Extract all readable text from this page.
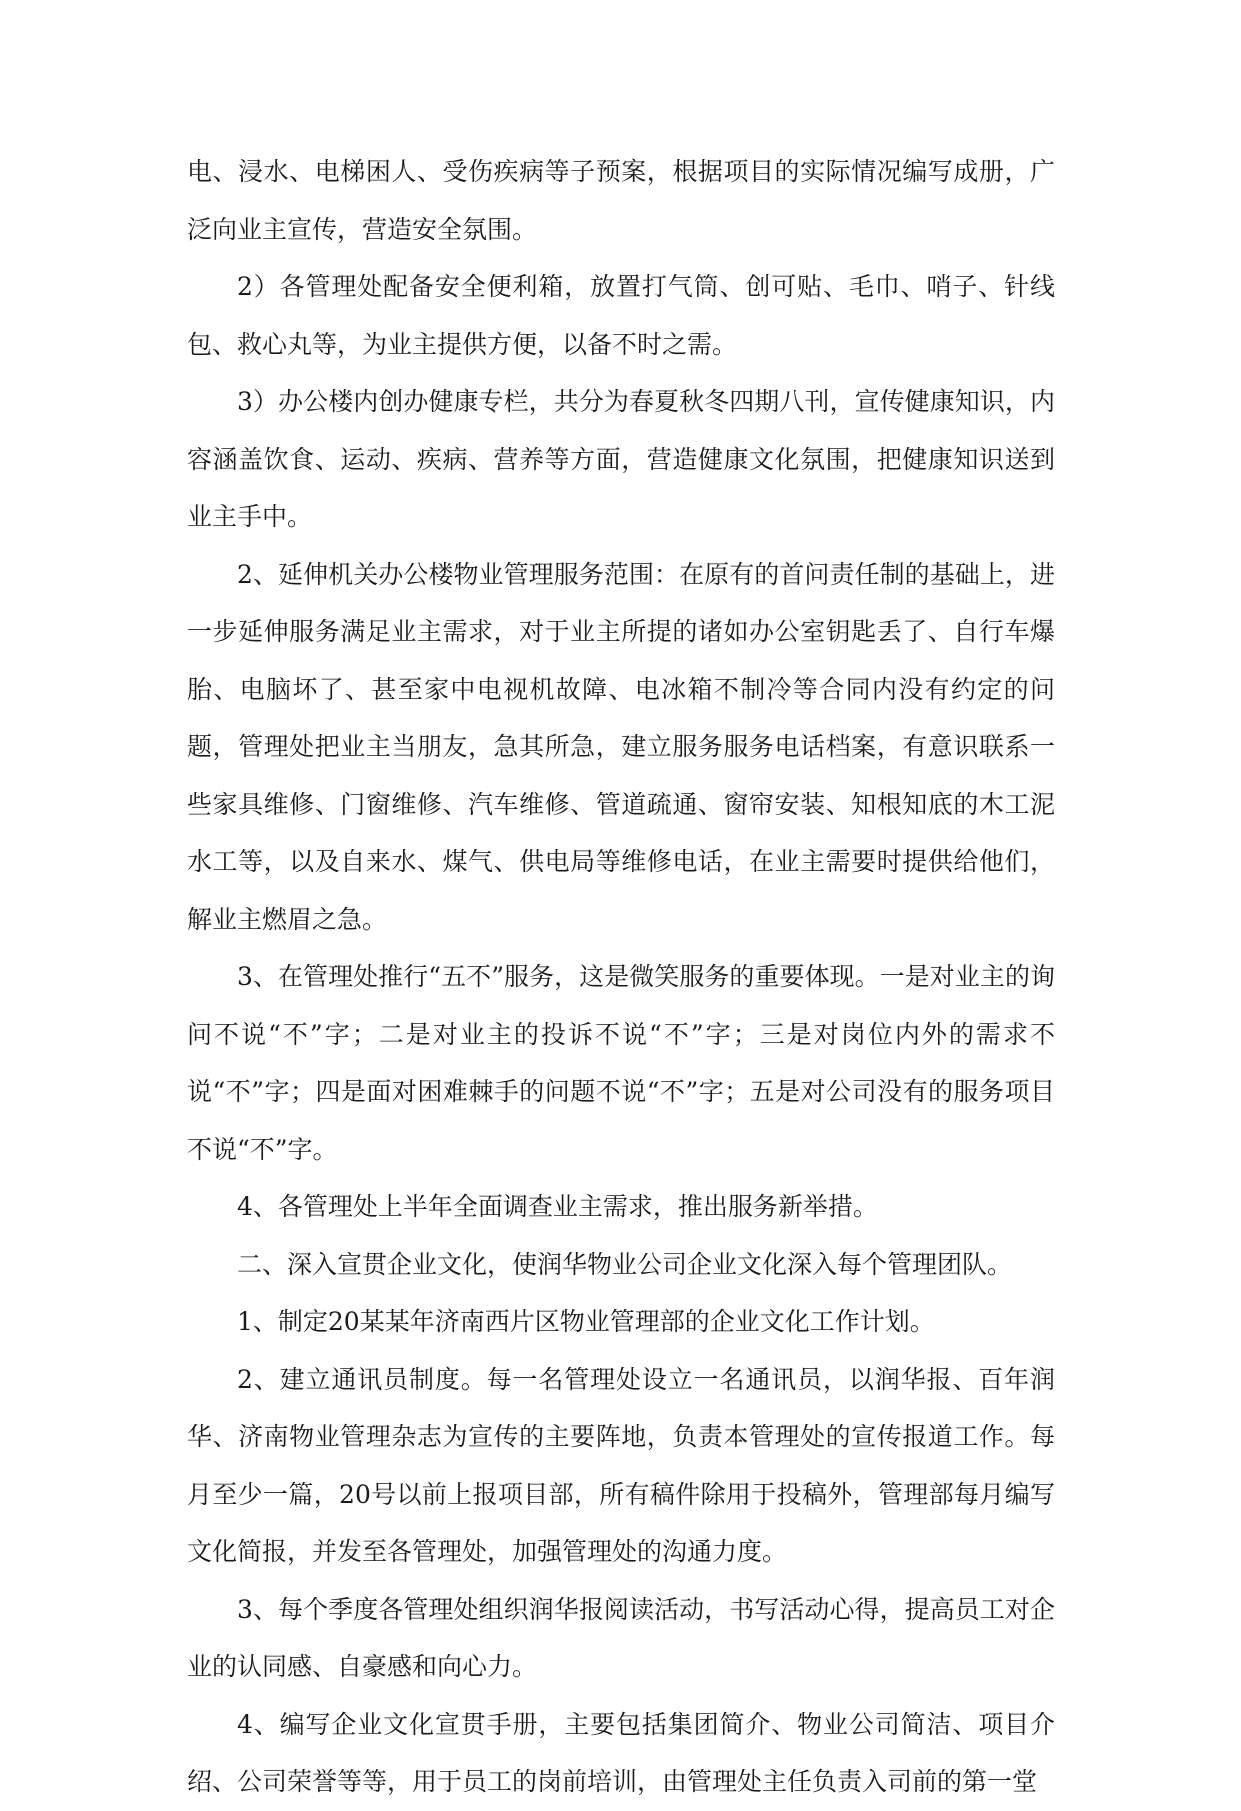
电、浸水、电梯困人、受伤疾病等子预案，根据项目的实际情况编写成册，广泛向业主宣传，营造安全氛围。

2）各管理处配备安全便利箱，放置打气筒、创可贴、毛巾、哨子、针线包、救心丸等，为业主提供方便，以备不时之需。

3）办公楼内创办健康专栏，共分为春夏秋冬四期八刊，宣传健康知识，内容涵盖饮食、运动、疾病、营养等方面，营造健康文化氛围，把健康知识送到业主手中。

2、延伸机关办公楼物业管理服务范围：在原有的首问责任制的基础上，进一步延伸服务满足业主需求，对于业主所提的诸如办公室钥匙丢了、自行车爆胎、电脑坏了、甚至家中电视机故障、电冰箱不制冷等合同内没有约定的问题，管理处把业主当朋友，急其所急，建立服务服务电话档案，有意识联系一些家具维修、门窗维修、汽车维修、管道疏通、窗帘安装、知根知底的木工泥水工等，以及自来水、煤气、供电局等维修电话，在业主需要时提供给他们，解业主燃眉之急。

3、在管理处推行“五不”服务，这是微笑服务的重要体现。一是对业主的询问不说“不”字；二是对业主的投诉不说“不”字；三是对岗位内外的需求不说“不”字；四是面对困难棘手的问题不说“不”字；五是对公司没有的服务项目不说“不”字。

4、各管理处上半年全面调查业主需求，推出服务新举措。

二、深入宣贯企业文化，使润华物业公司企业文化深入每个管理团队。

1、制定20某某年济南西片区物业管理部的企业文化工作计划。

2、建立通讯员制度。每一名管理处设立一名通讯员，以润华报、百年润华、济南物业管理杂志为宣传的主要阵地，负责本管理处的宣传报道工作。每月至少一篇，20号以前上报项目部，所有稿件除用于投稿外，管理部每月编写文化简报，并发至各管理处，加强管理处的沟通力度。

3、每个季度各管理处组织润华报阅读活动，书写活动心得，提高员工对企业的认同感、自豪感和向心力。

4、编写企业文化宣贯手册，主要包括集团简介、物业公司简洁、项目介绍、公司荣誉等等，用于员工的岗前培训，由管理处主任负责入司前的第一堂
